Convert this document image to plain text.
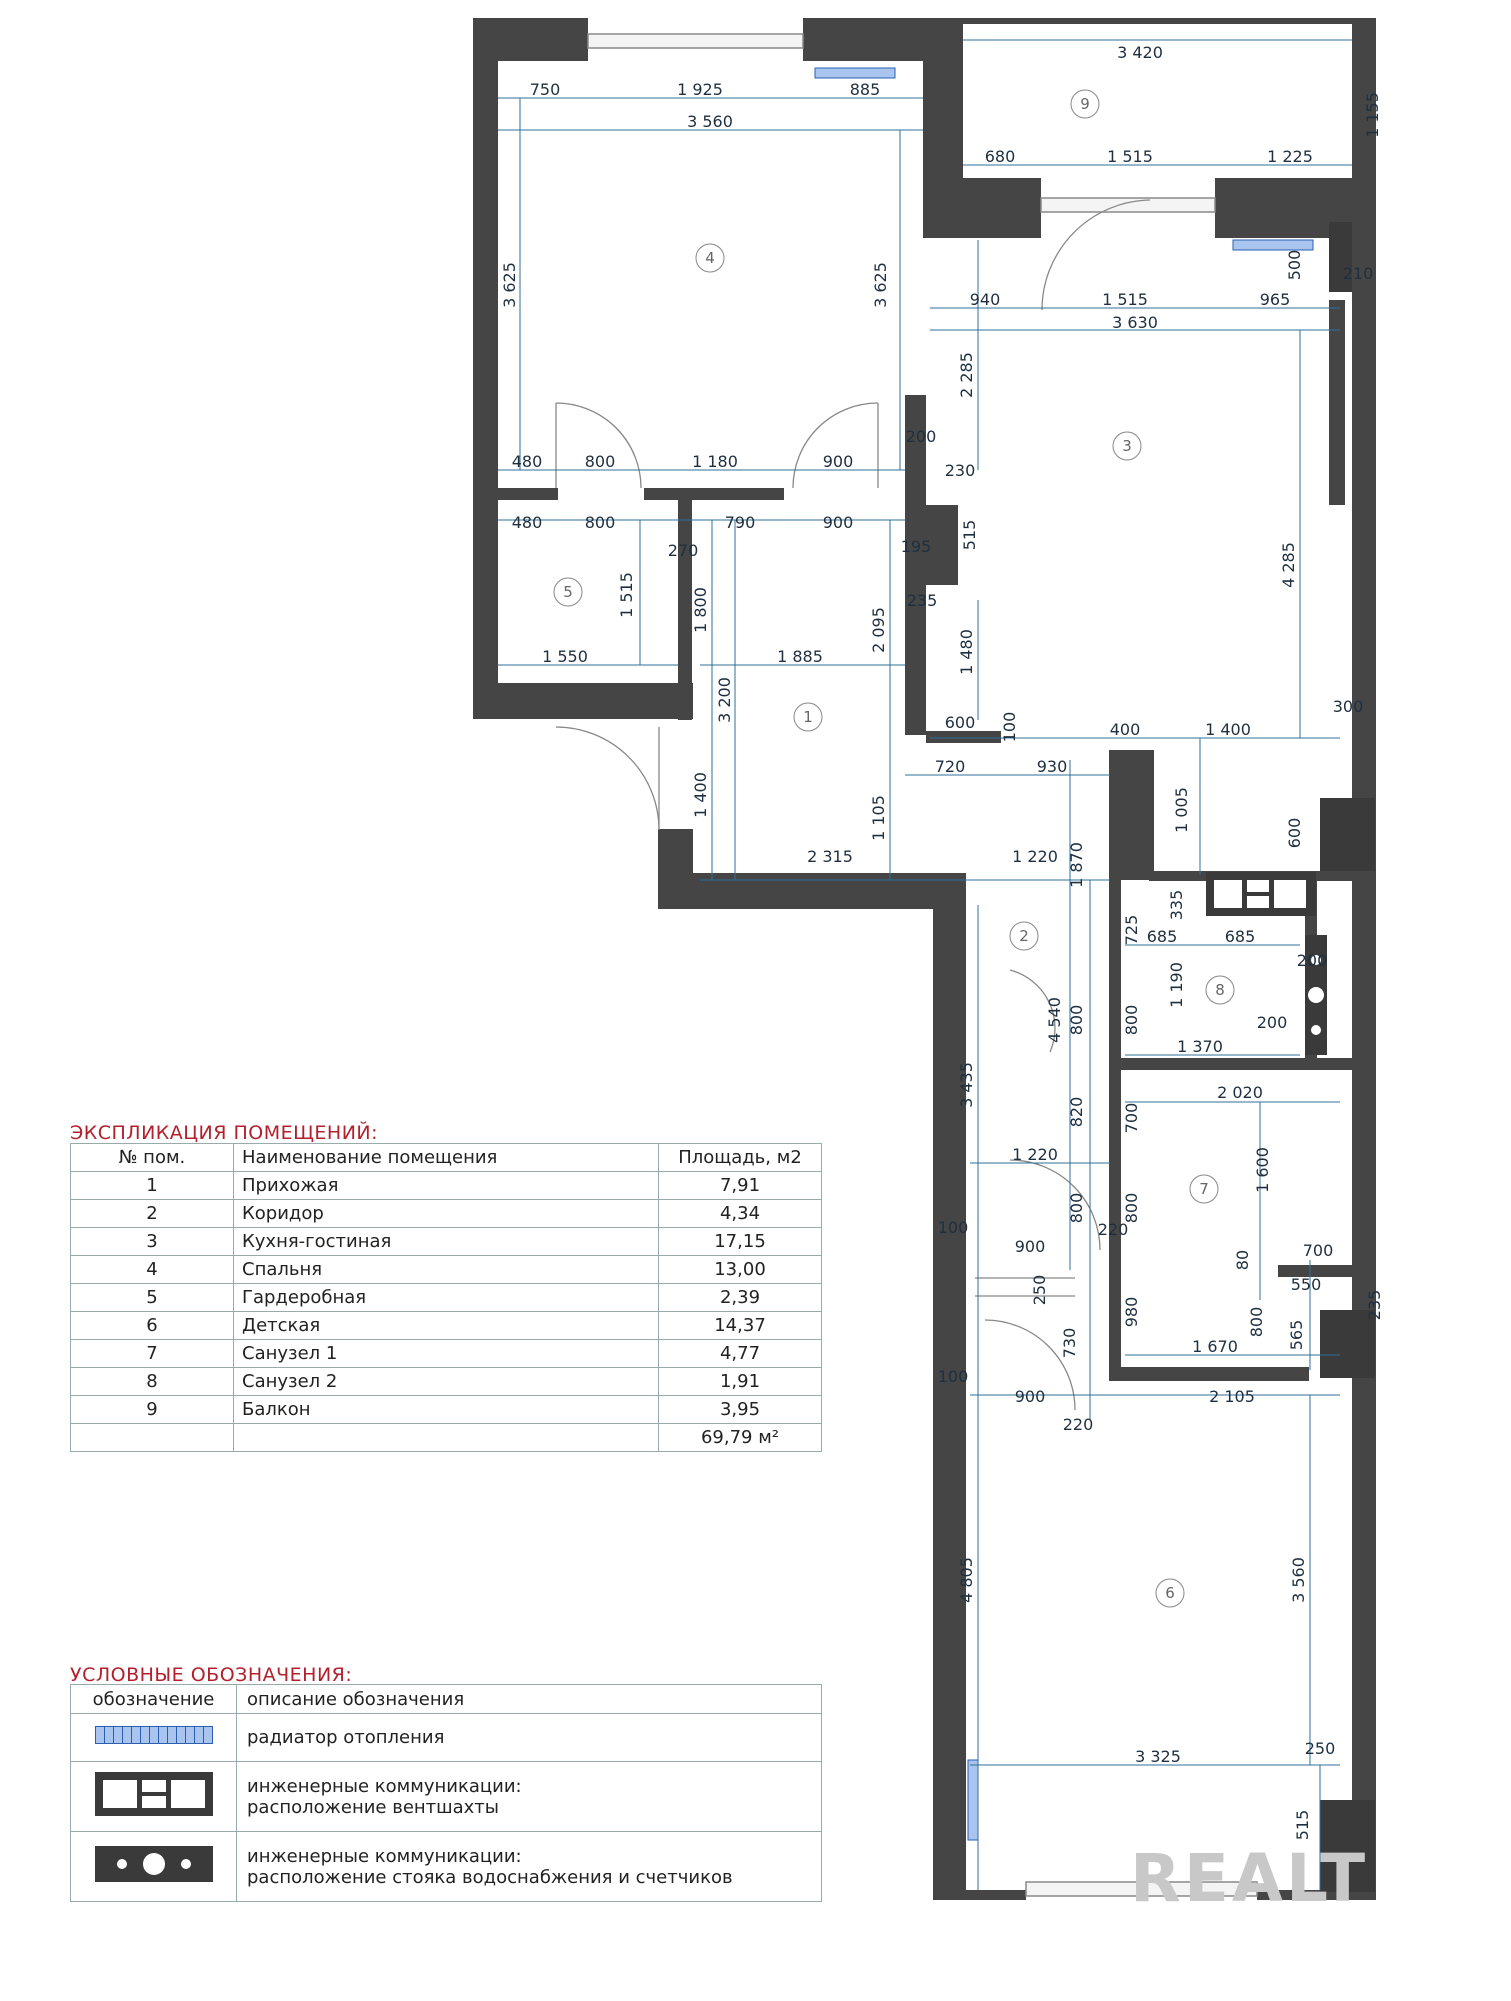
3 420
1 155
750	1 925	885
3 560
680	1 515	1 225
3 625	3 625	940	1 515	965
3 630
500 210
2 285
480	800	1 180	900
200
230
480	800	790	900
270	195 515
1 515	1 800	2 095
235
4 285
1 550	1 885	1 480
3 200	600 100	400	1 400
300
720	930
1 400
1 105	1 005
600
2 315	1 220 1 870
335
725 685	685
200
4 540 800 800
1 190
200
1 370
3 435	2 020
820 700
1 220	1 600
100
800 800
900
220
80	700
250	550
235
980	800 565
730	1 670
100
900	2 105
220
4 805	3 560
3 325	250
515
1
2
3
4
5
6
7
8
9
ЭКСПЛИКАЦИЯ ПОМЕЩЕНИЙ:
№ пом.	Наименование помещения	Площадь, м2
1	Прихожая	7,91
2	Коридор	4,34
3	Кухня-гостиная	17,15
4	Спальня	13,00
5	Гардеробная	2,39
6	Детская	14,37
7	Санузел 1	4,77
8	Санузел 2	1,91
9	Балкон	3,95
		69,79 м²
УСЛОВНЫЕ ОБОЗНАЧЕНИЯ:
обозначение	описание обозначения
	радиатор отопления

	инженерные коммуникации:
расположение вентшахты

	инженерные коммуникации:
расположение стояка водоснабжения и счетчиков	REALT
